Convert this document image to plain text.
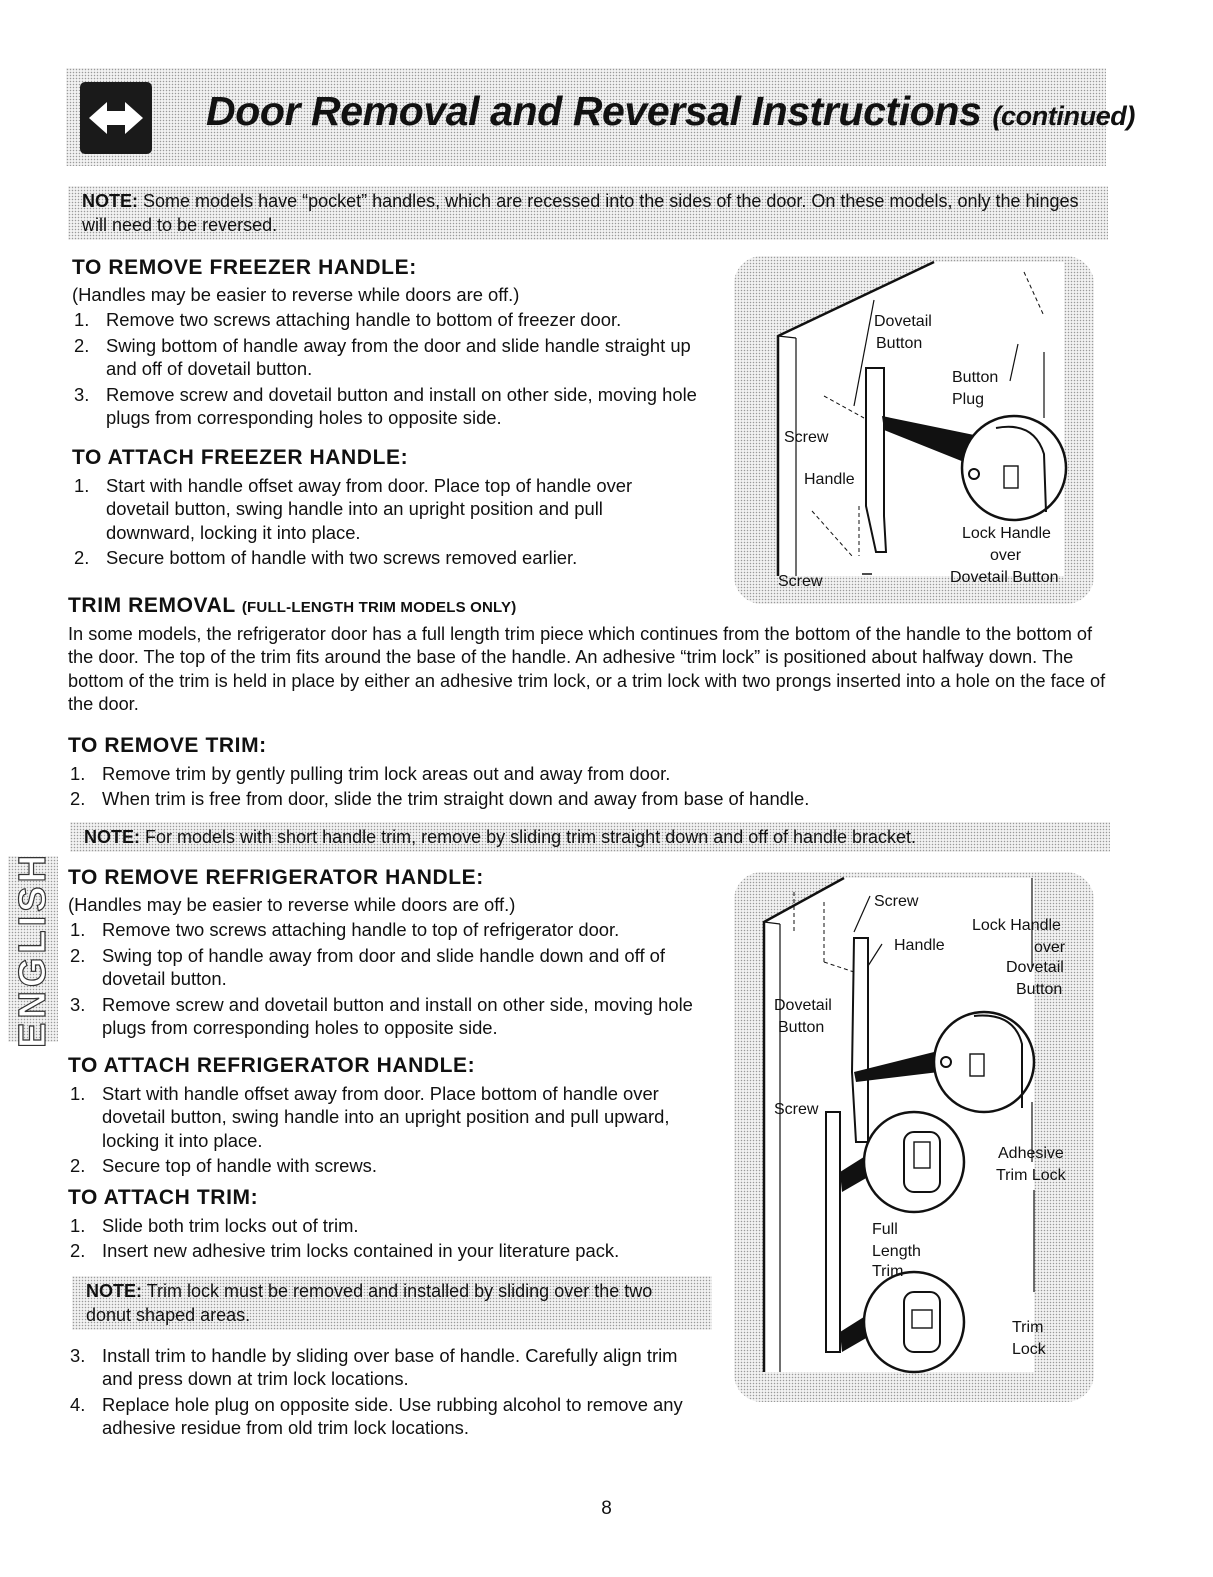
Door Removal and Reversal Instructions (continued)
NOTE: Some models have “pocket” handles, which are recessed into the sides of the door. On these models, only the hinges will need to be reversed.
TO REMOVE FREEZER HANDLE:
(Handles may be easier to reverse while doors are off.)
1. Remove two screws attaching handle to bottom of freezer door.
2. Swing bottom of handle away from the door and slide handle straight up and off of dovetail button.
3. Remove screw and dovetail button and install on other side, moving hole plugs from corresponding holes to opposite side.
TO ATTACH FREEZER HANDLE:
1. Start with handle offset away from door. Place top of handle over dovetail button, swing handle into an upright position and pull downward, locking it into place.
2. Secure bottom of handle with two screws removed earlier.
Dovetail
Button
Button
Plug
Screw
Handle
Lock Handle
over
Dovetail Button
Screw
TRIM REMOVAL (FULL-LENGTH TRIM MODELS ONLY)
In some models, the refrigerator door has a full length trim piece which continues from the bottom of the handle to the bottom of the door. The top of the trim fits around the base of the handle. An adhesive “trim lock” is positioned about halfway down. The bottom of the trim is held in place by either an adhesive trim lock, or a trim lock with two prongs inserted into a hole on the face of the door.
TO REMOVE TRIM:
1. Remove trim by gently pulling trim lock areas out and away from door.
2. When trim is free from door, slide the trim straight down and away from base of handle.
NOTE: For models with short handle trim, remove by sliding trim straight down and off of handle bracket.
ENGLISH TO REMOVE REFRIGERATOR HANDLE:
(Handles may be easier to reverse while doors are off.)
1. Remove two screws attaching handle to top of refrigerator door.
2. Swing top of handle away from door and slide handle down and off of dovetail button.
3. Remove screw and dovetail button and install on other side, moving hole plugs from corresponding holes to opposite side.
TO ATTACH REFRIGERATOR HANDLE:
1. Start with handle offset away from door. Place bottom of handle over dovetail button, swing handle into an upright position and pull upward, locking it into place.
2. Secure top of handle with screws.
TO ATTACH TRIM:
1. Slide both trim locks out of trim.
2. Insert new adhesive trim locks contained in your literature pack.
NOTE: Trim lock must be removed and installed by sliding over the two donut shaped areas.
3. Install trim to handle by sliding over base of handle. Carefully align trim and press down at trim lock locations.
4. Replace hole plug on opposite side. Use rubbing alcohol to remove any adhesive residue from old trim lock locations.
Screw
Handle
Lock Handle
over
Dovetail
Button
Dovetail
Button
Screw
Adhesive
Trim Lock
Full
Length
Trim
Trim
Lock
8
